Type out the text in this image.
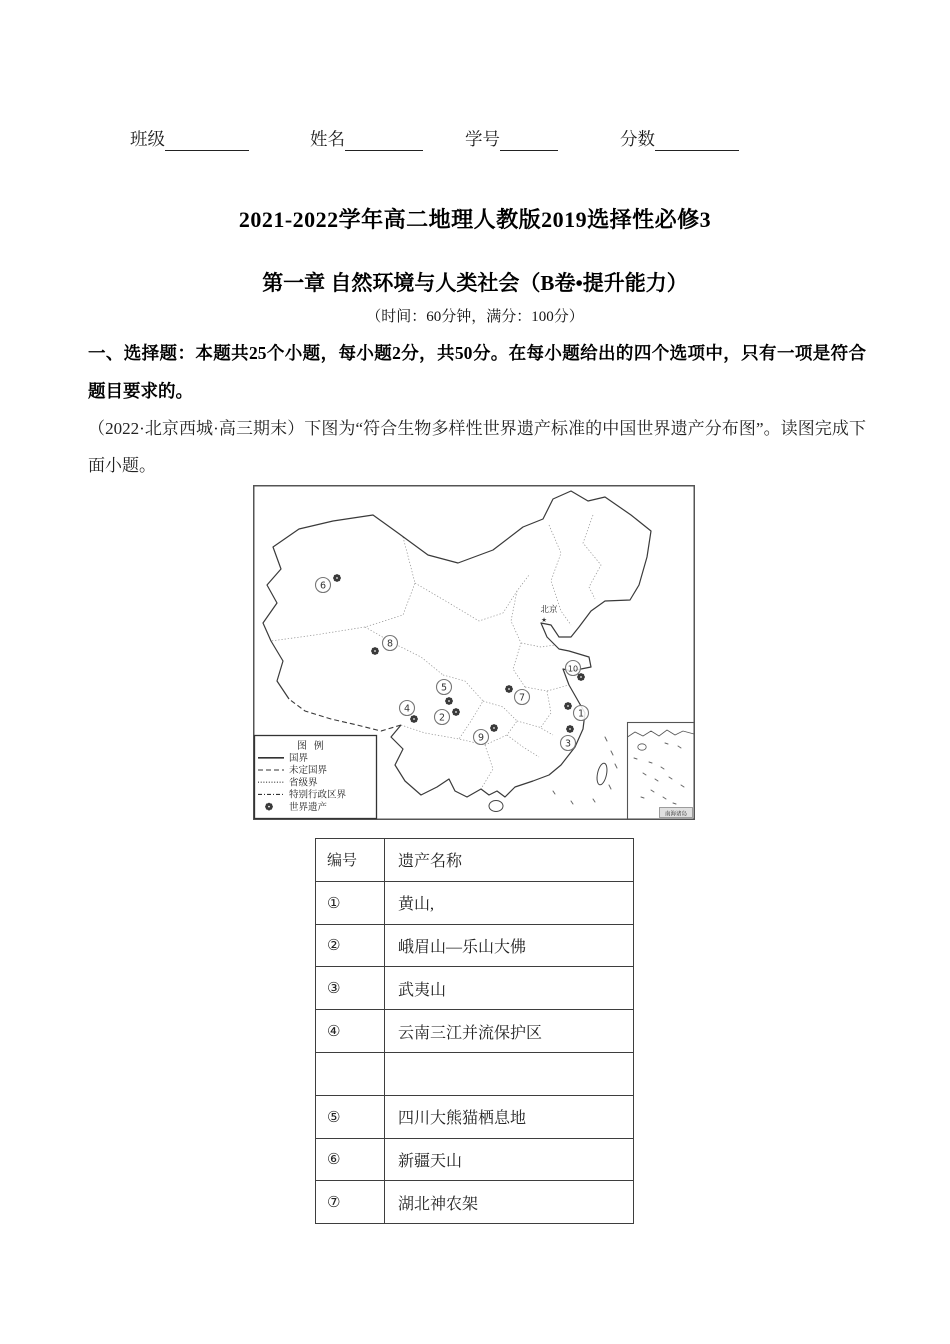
班级	姓名	学号	分数
2021-2022学年高二地理人教版2019选择性必修3
第一章 自然环境与人类社会（B卷•提升能力）
（时间：60分钟，满分：100分）

一、选择题：本题共25个小题，每小题2分，共50分。在每小题给出的四个选项中，只有一项是符合题目要求的。

（2022·北京西城·高三期末）下图为“符合生物多样性世界遗产标准的中国世界遗产分布图”。读图完成下面小题。

北京
★
6
8
5
4
2
9
7
10
1
3
图 例
国界
未定国界
省级界
特别行政区界
世界遗产
南海诸岛
编号	遗产名称
①	黄山,
②	峨眉山—乐山大佛
③	武夷山
④	云南三江并流保护区

⑤	四川大熊猫栖息地
⑥	新疆天山
⑦	湖北神农架
